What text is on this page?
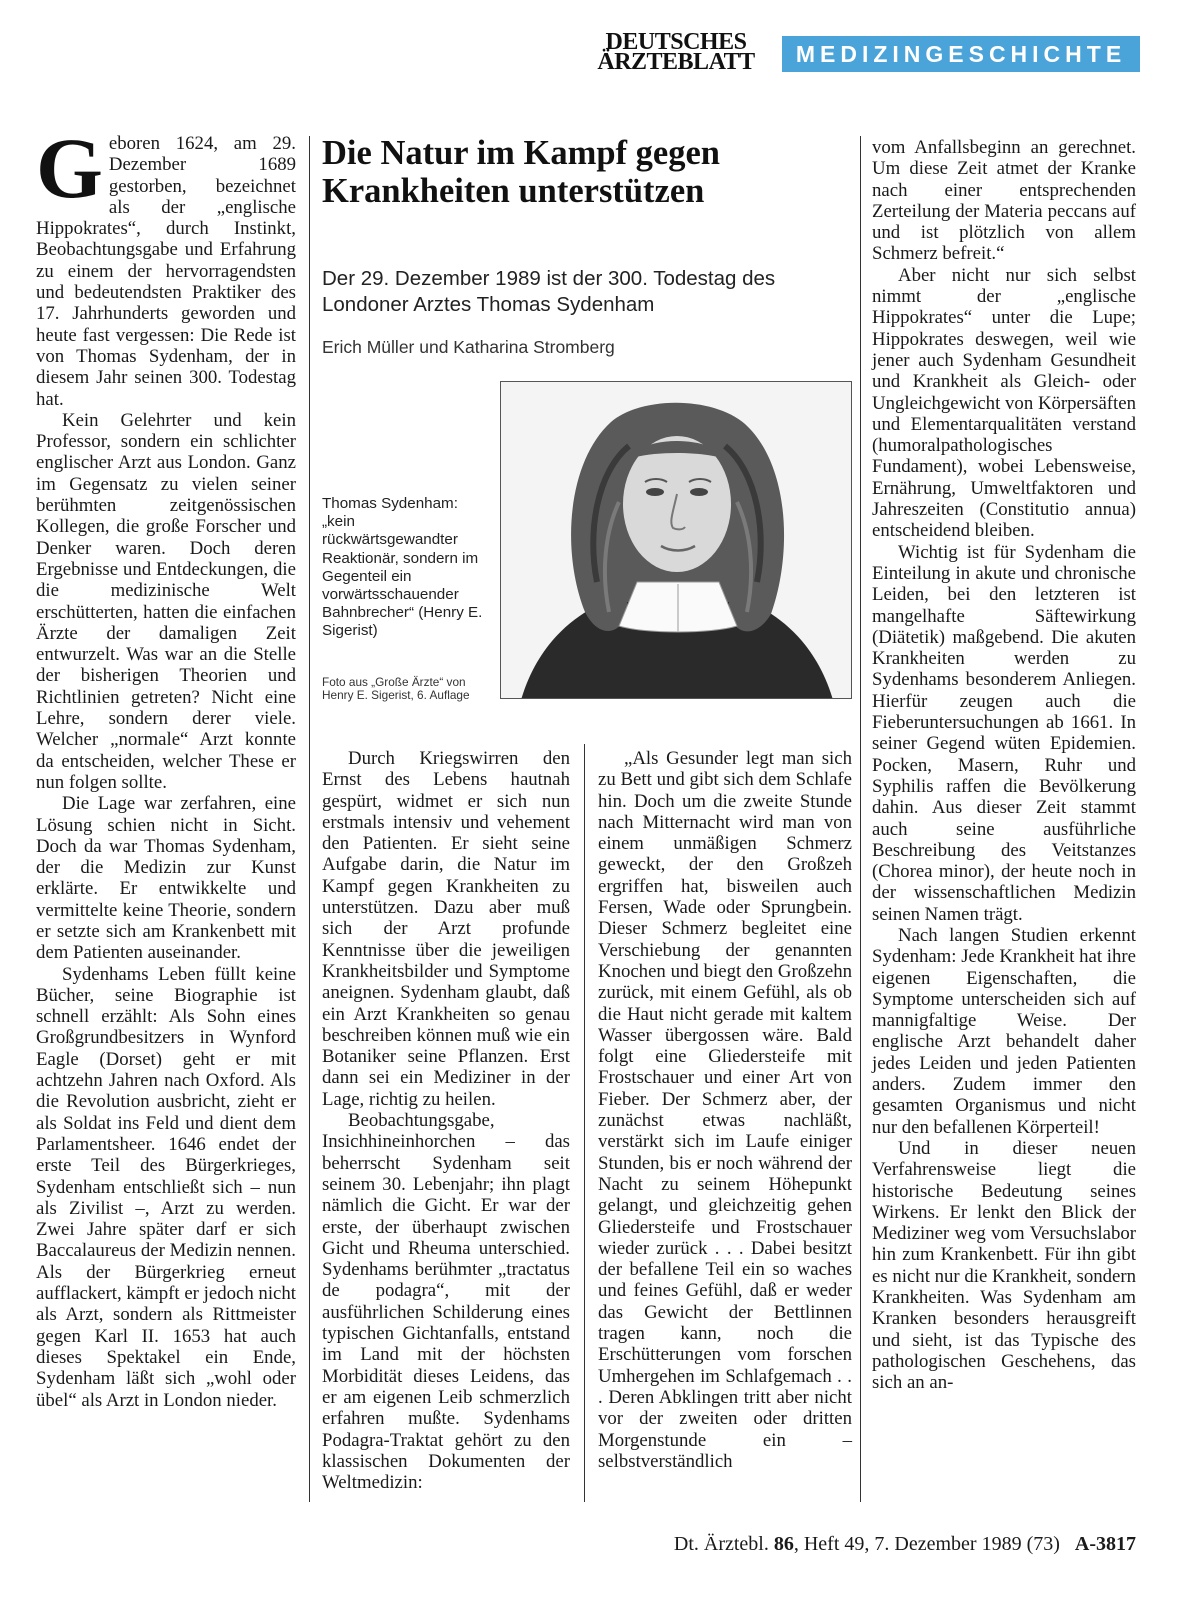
DEUTSCHES
ÄRZTEBLATT	MEDIZINGESCHICHTE

Geboren 1624, am 29. Dezember 1689 gestorben, bezeichnet als der „englische Hippokrates“, durch Instinkt, Beobachtungsgabe und Erfahrung zu einem der hervorragendsten und bedeutendsten Praktiker des 17. Jahrhunderts geworden und heute fast vergessen: Die Rede ist von Thomas Sydenham, der in diesem Jahr seinen 300. Todestag hat.

Kein Gelehrter und kein Professor, sondern ein schlichter englischer Arzt aus London. Ganz im Gegensatz zu vielen seiner berühmten zeitgenössischen Kollegen, die große Forscher und Denker waren. Doch deren Ergebnisse und Entdeckungen, die die medizinische Welt erschütterten, hatten die einfachen Ärzte der damaligen Zeit entwurzelt. Was war an die Stelle der bisherigen Theorien und Richtlinien getreten? Nicht eine Lehre, sondern derer viele. Welcher „normale“ Arzt konnte da entscheiden, welcher These er nun folgen sollte.

Die Lage war zerfahren, eine Lösung schien nicht in Sicht. Doch da war Thomas Sydenham, der die Medizin zur Kunst erklärte. Er entwikkelte und vermittelte keine Theorie, sondern er setzte sich am Krankenbett mit dem Patienten auseinander.

Sydenhams Leben füllt keine Bücher, seine Biographie ist schnell erzählt: Als Sohn eines Großgrundbesitzers in Wynford Eagle (Dorset) geht er mit achtzehn Jahren nach Oxford. Als die Revolution ausbricht, zieht er als Soldat ins Feld und dient dem Parlamentsheer. 1646 endet der erste Teil des Bürgerkrieges, Sydenham entschließt sich – nun als Zivilist –, Arzt zu werden. Zwei Jahre später darf er sich Baccalaureus der Medizin nennen. Als der Bürgerkrieg erneut aufflackert, kämpft er jedoch nicht als Arzt, sondern als Rittmeister gegen Karl II. 1653 hat auch dieses Spektakel ein Ende, Sydenham läßt sich „wohl oder übel“ als Arzt in London nieder.

Die Natur im Kampf gegen Krankheiten unterstützen
Der 29. Dezember 1989 ist der 300. Todestag des Londoner Arztes Thomas Sydenham
Erich Müller und Katharina Stromberg
Thomas Sydenham: „kein rückwärtsgewandter Reaktionär, sondern im Gegenteil ein vorwärtsschauender Bahnbrecher“ (Henry E. Sigerist)
Foto aus „Große Ärzte“ von Henry E. Sigerist, 6. Auflage

Durch Kriegswirren den Ernst des Lebens hautnah gespürt, widmet er sich nun erstmals intensiv und vehement den Patienten. Er sieht seine Aufgabe darin, die Natur im Kampf gegen Krankheiten zu unterstützen. Dazu aber muß sich der Arzt profunde Kenntnisse über die jeweiligen Krankheitsbilder und Symptome aneignen. Sydenham glaubt, daß ein Arzt Krankheiten so genau beschreiben können muß wie ein Botaniker seine Pflanzen. Erst dann sei ein Mediziner in der Lage, richtig zu heilen.

Beobachtungsgabe, Insichhineinhorchen – das beherrscht Sydenham seit seinem 30. Lebenjahr; ihn plagt nämlich die Gicht. Er war der erste, der überhaupt zwischen Gicht und Rheuma unterschied. Sydenhams berühmter „tractatus de podagra“, mit der ausführlichen Schilderung eines typischen Gichtanfalls, entstand im Land mit der höchsten Morbidität dieses Leidens, das er am eigenen Leib schmerzlich erfahren mußte. Sydenhams Podagra-Traktat gehört zu den klassischen Dokumenten der Weltmedizin:

„Als Gesunder legt man sich zu Bett und gibt sich dem Schlafe hin. Doch um die zweite Stunde nach Mitternacht wird man von einem unmäßigen Schmerz geweckt, der den Großzeh ergriffen hat, bisweilen auch Fersen, Wade oder Sprungbein. Dieser Schmerz begleitet eine Verschiebung der genannten Knochen und biegt den Großzehn zurück, mit einem Gefühl, als ob die Haut nicht gerade mit kaltem Wasser übergossen wäre. Bald folgt eine Gliedersteife mit Frostschauer und einer Art von Fieber. Der Schmerz aber, der zunächst etwas nachläßt, verstärkt sich im Laufe einiger Stunden, bis er noch während der Nacht zu seinem Höhepunkt gelangt, und gleichzeitig gehen Gliedersteife und Frostschauer wieder zurück . . . Dabei besitzt der befallene Teil ein so waches und feines Gefühl, daß er weder das Gewicht der Bettlinnen tragen kann, noch die Erschütterungen vom forschen Umhergehen im Schlafgemach . . . Deren Abklingen tritt aber nicht vor der zweiten oder dritten Morgenstunde ein – selbstverständlich

vom Anfallsbeginn an gerechnet. Um diese Zeit atmet der Kranke nach einer entsprechenden Zerteilung der Materia peccans auf und ist plötzlich von allem Schmerz befreit.“

Aber nicht nur sich selbst nimmt der „englische Hippokrates“ unter die Lupe; Hippokrates deswegen, weil wie jener auch Sydenham Gesundheit und Krankheit als Gleich- oder Ungleichgewicht von Körpersäften und Elementarqualitäten verstand (humoralpathologisches Fundament), wobei Lebensweise, Ernährung, Umweltfaktoren und Jahreszeiten (Constitutio annua) entscheidend bleiben.

Wichtig ist für Sydenham die Einteilung in akute und chronische Leiden, bei den letzteren ist mangelhafte Säftewirkung (Diätetik) maßgebend. Die akuten Krankheiten werden zu Sydenhams besonderem Anliegen. Hierfür zeugen auch die Fieberuntersuchungen ab 1661. In seiner Gegend wüten Epidemien. Pocken, Masern, Ruhr und Syphilis raffen die Bevölkerung dahin. Aus dieser Zeit stammt auch seine ausführliche Beschreibung des Veitstanzes (Chorea minor), der heute noch in der wissenschaftlichen Medizin seinen Namen trägt.

Nach langen Studien erkennt Sydenham: Jede Krankheit hat ihre eigenen Eigenschaften, die Symptome unterscheiden sich auf mannigfaltige Weise. Der englische Arzt behandelt daher jedes Leiden und jeden Patienten anders. Zudem immer den gesamten Organismus und nicht nur den befallenen Körperteil!

Und in dieser neuen Verfahrensweise liegt die historische Bedeutung seines Wirkens. Er lenkt den Blick der Mediziner weg vom Versuchslabor hin zum Krankenbett. Für ihn gibt es nicht nur die Krankheit, sondern Krankheiten. Was Sydenham am Kranken besonders herausgreift und sieht, ist das Typische des pathologischen Geschehens, das sich an an-

Dt. Ärztebl. 86, Heft 49, 7. Dezember 1989 (73) A-3817
